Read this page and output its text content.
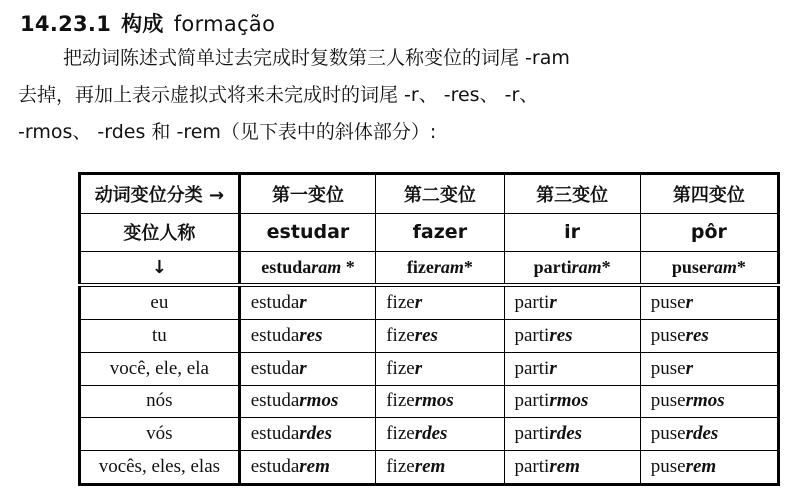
14.23.1 构成 formação
把动词陈述式简单过去完成时复数第三人称变位的词尾 -ram
去掉，再加上表示虚拟式将来未完成时的词尾 -r、 -res、 -r、
-rmos、 -rdes 和 -rem（见下表中的斜体部分）:
动词变位分类 →	第一变位	第二变位	第三变位	第四变位
变位人称	estudar	fazer	ir	pôr
↓	estudaram *	fizeram*	partiram*	puseram*
eu	estudar	fizer	partir	puser
tu	estudares	fizeres	partires	puseres
você, ele, ela	estudar	fizer	partir	puser
nós	estudarmos	fizermos	partirmos	pusermos
vós	estudardes	fizerdes	partirdes	puserdes
vocês, eles, elas	estudarem	fizerem	partirem	puserem
